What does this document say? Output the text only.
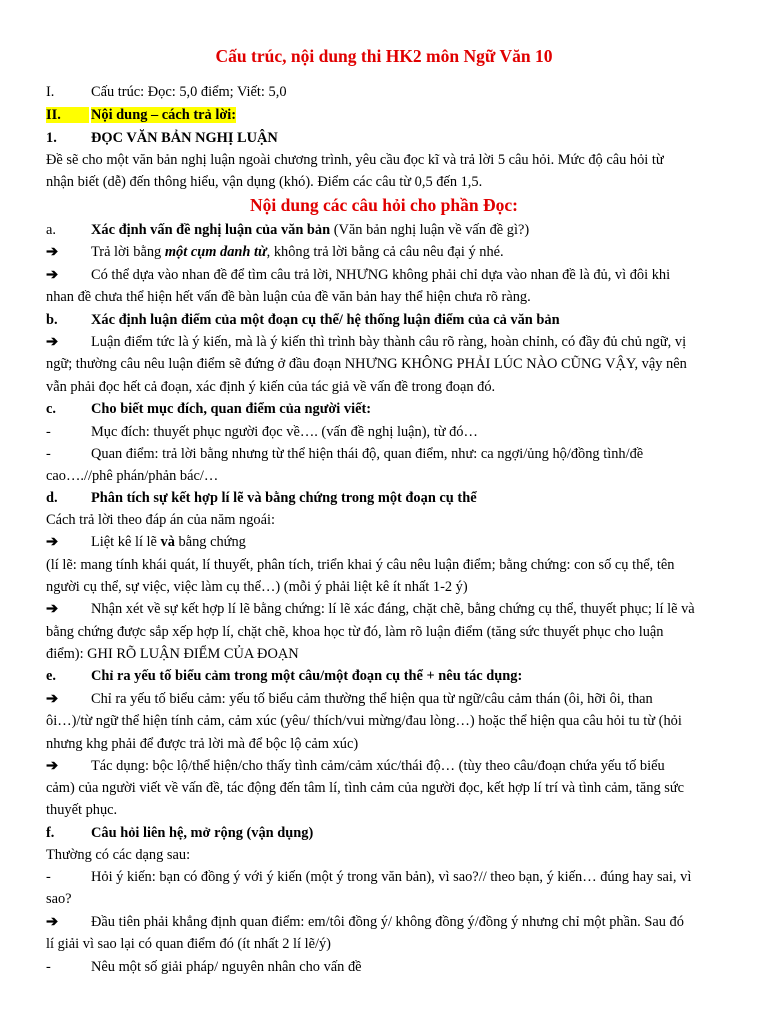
Cấu trúc, nội dung thi HK2 môn Ngữ Văn 10
I.	Cấu trúc: Đọc: 5,0 điểm; Viết: 5,0
II.	Nội dung – cách trả lời:
1. ĐỌC VĂN BẢN NGHỊ LUẬN
Đề sẽ cho một văn bản nghị luận ngoài chương trình, yêu cầu đọc kĩ và trả lời 5 câu hỏi. Mức độ câu hỏi từ
nhận biết (dễ) đến thông hiểu, vận dụng (khó). Điểm các câu từ 0,5 đến 1,5.
Nội dung các câu hỏi cho phần Đọc:
a. Xác định vấn đề nghị luận của văn bản (Văn bản nghị luận về vấn đề gì?)
➔ Trả lời bằng một cụm danh từ, không trả lời bằng cả câu nêu đại ý nhé.
➔ Có thể dựa vào nhan đề để tìm câu trả lời, NHƯNG không phải chỉ dựa vào nhan đề là đủ, vì đôi khi
nhan đề chưa thể hiện hết vấn đề bàn luận của đề văn bản hay thể hiện chưa rõ ràng.
b. Xác định luận điểm của một đoạn cụ thể/ hệ thống luận điểm của cả văn bản
➔ Luận điểm tức là ý kiến, mà là ý kiến thì trình bày thành câu rõ ràng, hoàn chỉnh, có đầy đủ chủ ngữ, vị
ngữ; thường câu nêu luận điểm sẽ đứng ở đầu đoạn NHƯNG KHÔNG PHẢI LÚC NÀO CŨNG VẬY, vậy nên
vẫn phải đọc hết cả đoạn, xác định ý kiến của tác giả về vấn đề trong đoạn đó.
c. Cho biết mục đích, quan điểm của người viết:
-	Mục đích: thuyết phục người đọc về…. (vấn đề nghị luận), từ đó…
-	Quan điểm: trả lời bằng nhưng từ thể hiện thái độ, quan điểm, như: ca ngợi/ủng hộ/đồng tình/đề
cao….//phê phán/phản bác/…
d. Phân tích sự kết hợp lí lẽ và bằng chứng trong một đoạn cụ thể
Cách trả lời theo đáp án của năm ngoái:
➔ Liệt kê lí lẽ và bằng chứng
(lí lẽ: mang tính khái quát, lí thuyết, phân tích, triển khai ý câu nêu luận điểm; bằng chứng: con số cụ thể, tên
người cụ thể, sự việc, việc làm cụ thể…) (mỗi ý phải liệt kê ít nhất 1-2 ý)
➔ Nhận xét về sự kết hợp lí lẽ bằng chứng: lí lẽ xác đáng, chặt chẽ, bằng chứng cụ thể, thuyết phục; lí lẽ và
bằng chứng được sắp xếp hợp lí, chặt chẽ, khoa học từ đó, làm rõ luận điểm (tăng sức thuyết phục cho luận
điểm): GHI RÕ LUẬN ĐIỂM CỦA ĐOẠN
e. Chỉ ra yếu tố biểu cảm trong một câu/một đoạn cụ thể + nêu tác dụng:
➔ Chỉ ra yếu tố biểu cảm: yếu tố biểu cảm thường thể hiện qua từ ngữ/câu cảm thán (ôi, hỡi ôi, than
ôi…)/từ ngữ thể hiện tính cảm, cảm xúc (yêu/ thích/vui mừng/đau lòng…) hoặc thể hiện qua câu hỏi tu từ (hỏi
nhưng khg phải để được trả lời mà để bộc lộ cảm xúc)
➔ Tác dụng: bộc lộ/thể hiện/cho thấy tình cảm/cảm xúc/thái độ… (tùy theo câu/đoạn chứa yếu tố biểu
cảm) của người viết về vấn đề, tác động đến tâm lí, tình cảm của người đọc, kết hợp lí trí và tình cảm, tăng sức
thuyết phục.
f.	Câu hỏi liên hệ, mở rộng (vận dụng)
Thường có các dạng sau:
-	Hỏi ý kiến: bạn có đồng ý với ý kiến (một ý trong văn bản), vì sao?// theo bạn, ý kiến… đúng hay sai, vì
sao?
➔ Đầu tiên phải khẳng định quan điểm: em/tôi đồng ý/ không đồng ý/đồng ý nhưng chỉ một phần. Sau đó
lí giải vì sao lại có quan điểm đó (ít nhất 2 lí lẽ/ý)
-	Nêu một số giải pháp/ nguyên nhân cho vấn đề
